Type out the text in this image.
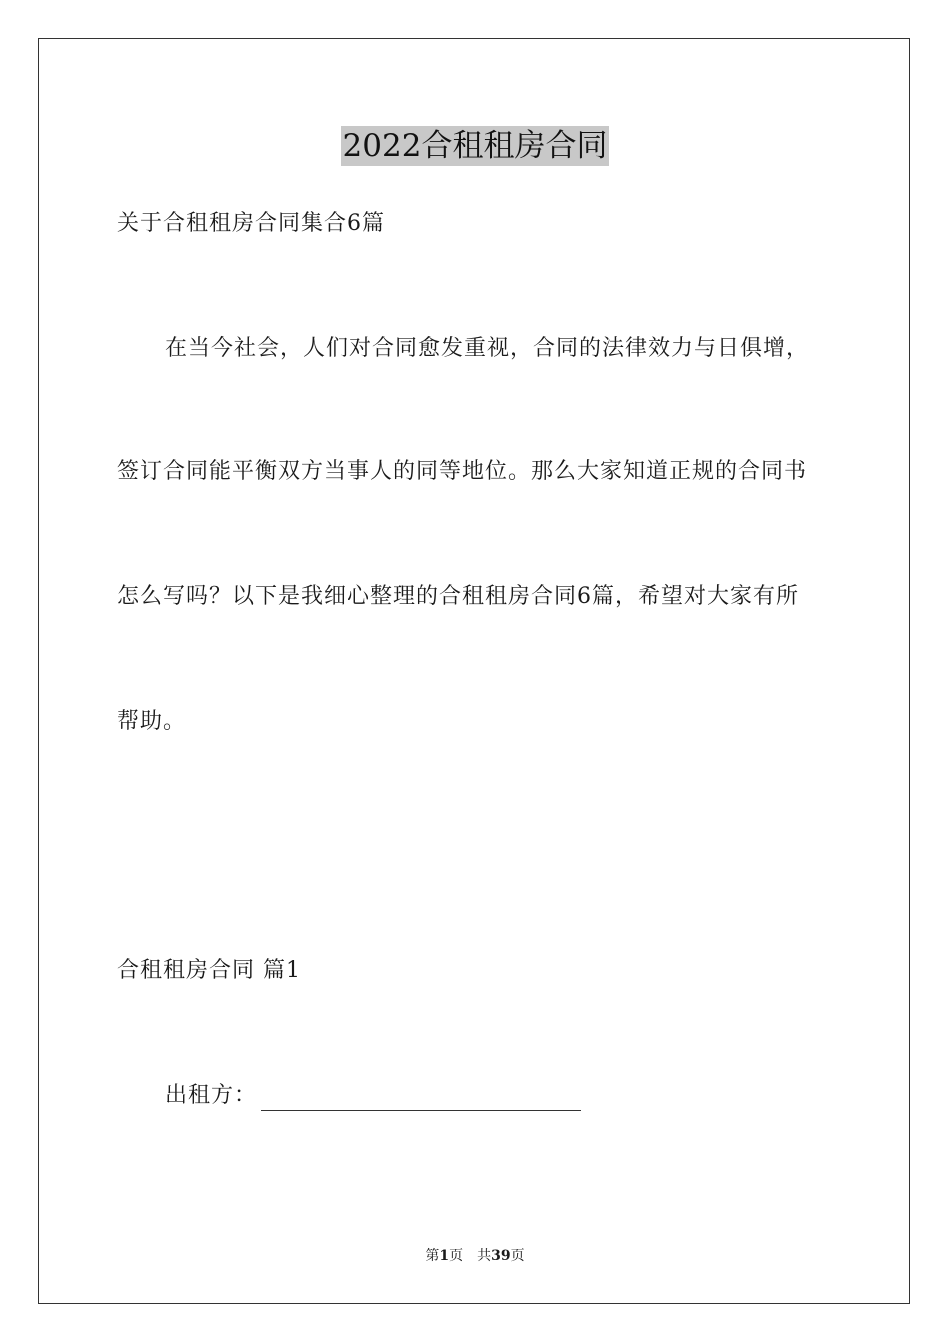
2022合租租房合同
关于合租租房合同集合6篇
在当今社会，人们对合同愈发重视，合同的法律效力与日俱增，
签订合同能平衡双方当事人的同等地位。那么大家知道正规的合同书
怎么写吗？以下是我细心整理的合租租房合同6篇，希望对大家有所
帮助。
合租租房合同 篇1
出租方：
第1页 共39页
